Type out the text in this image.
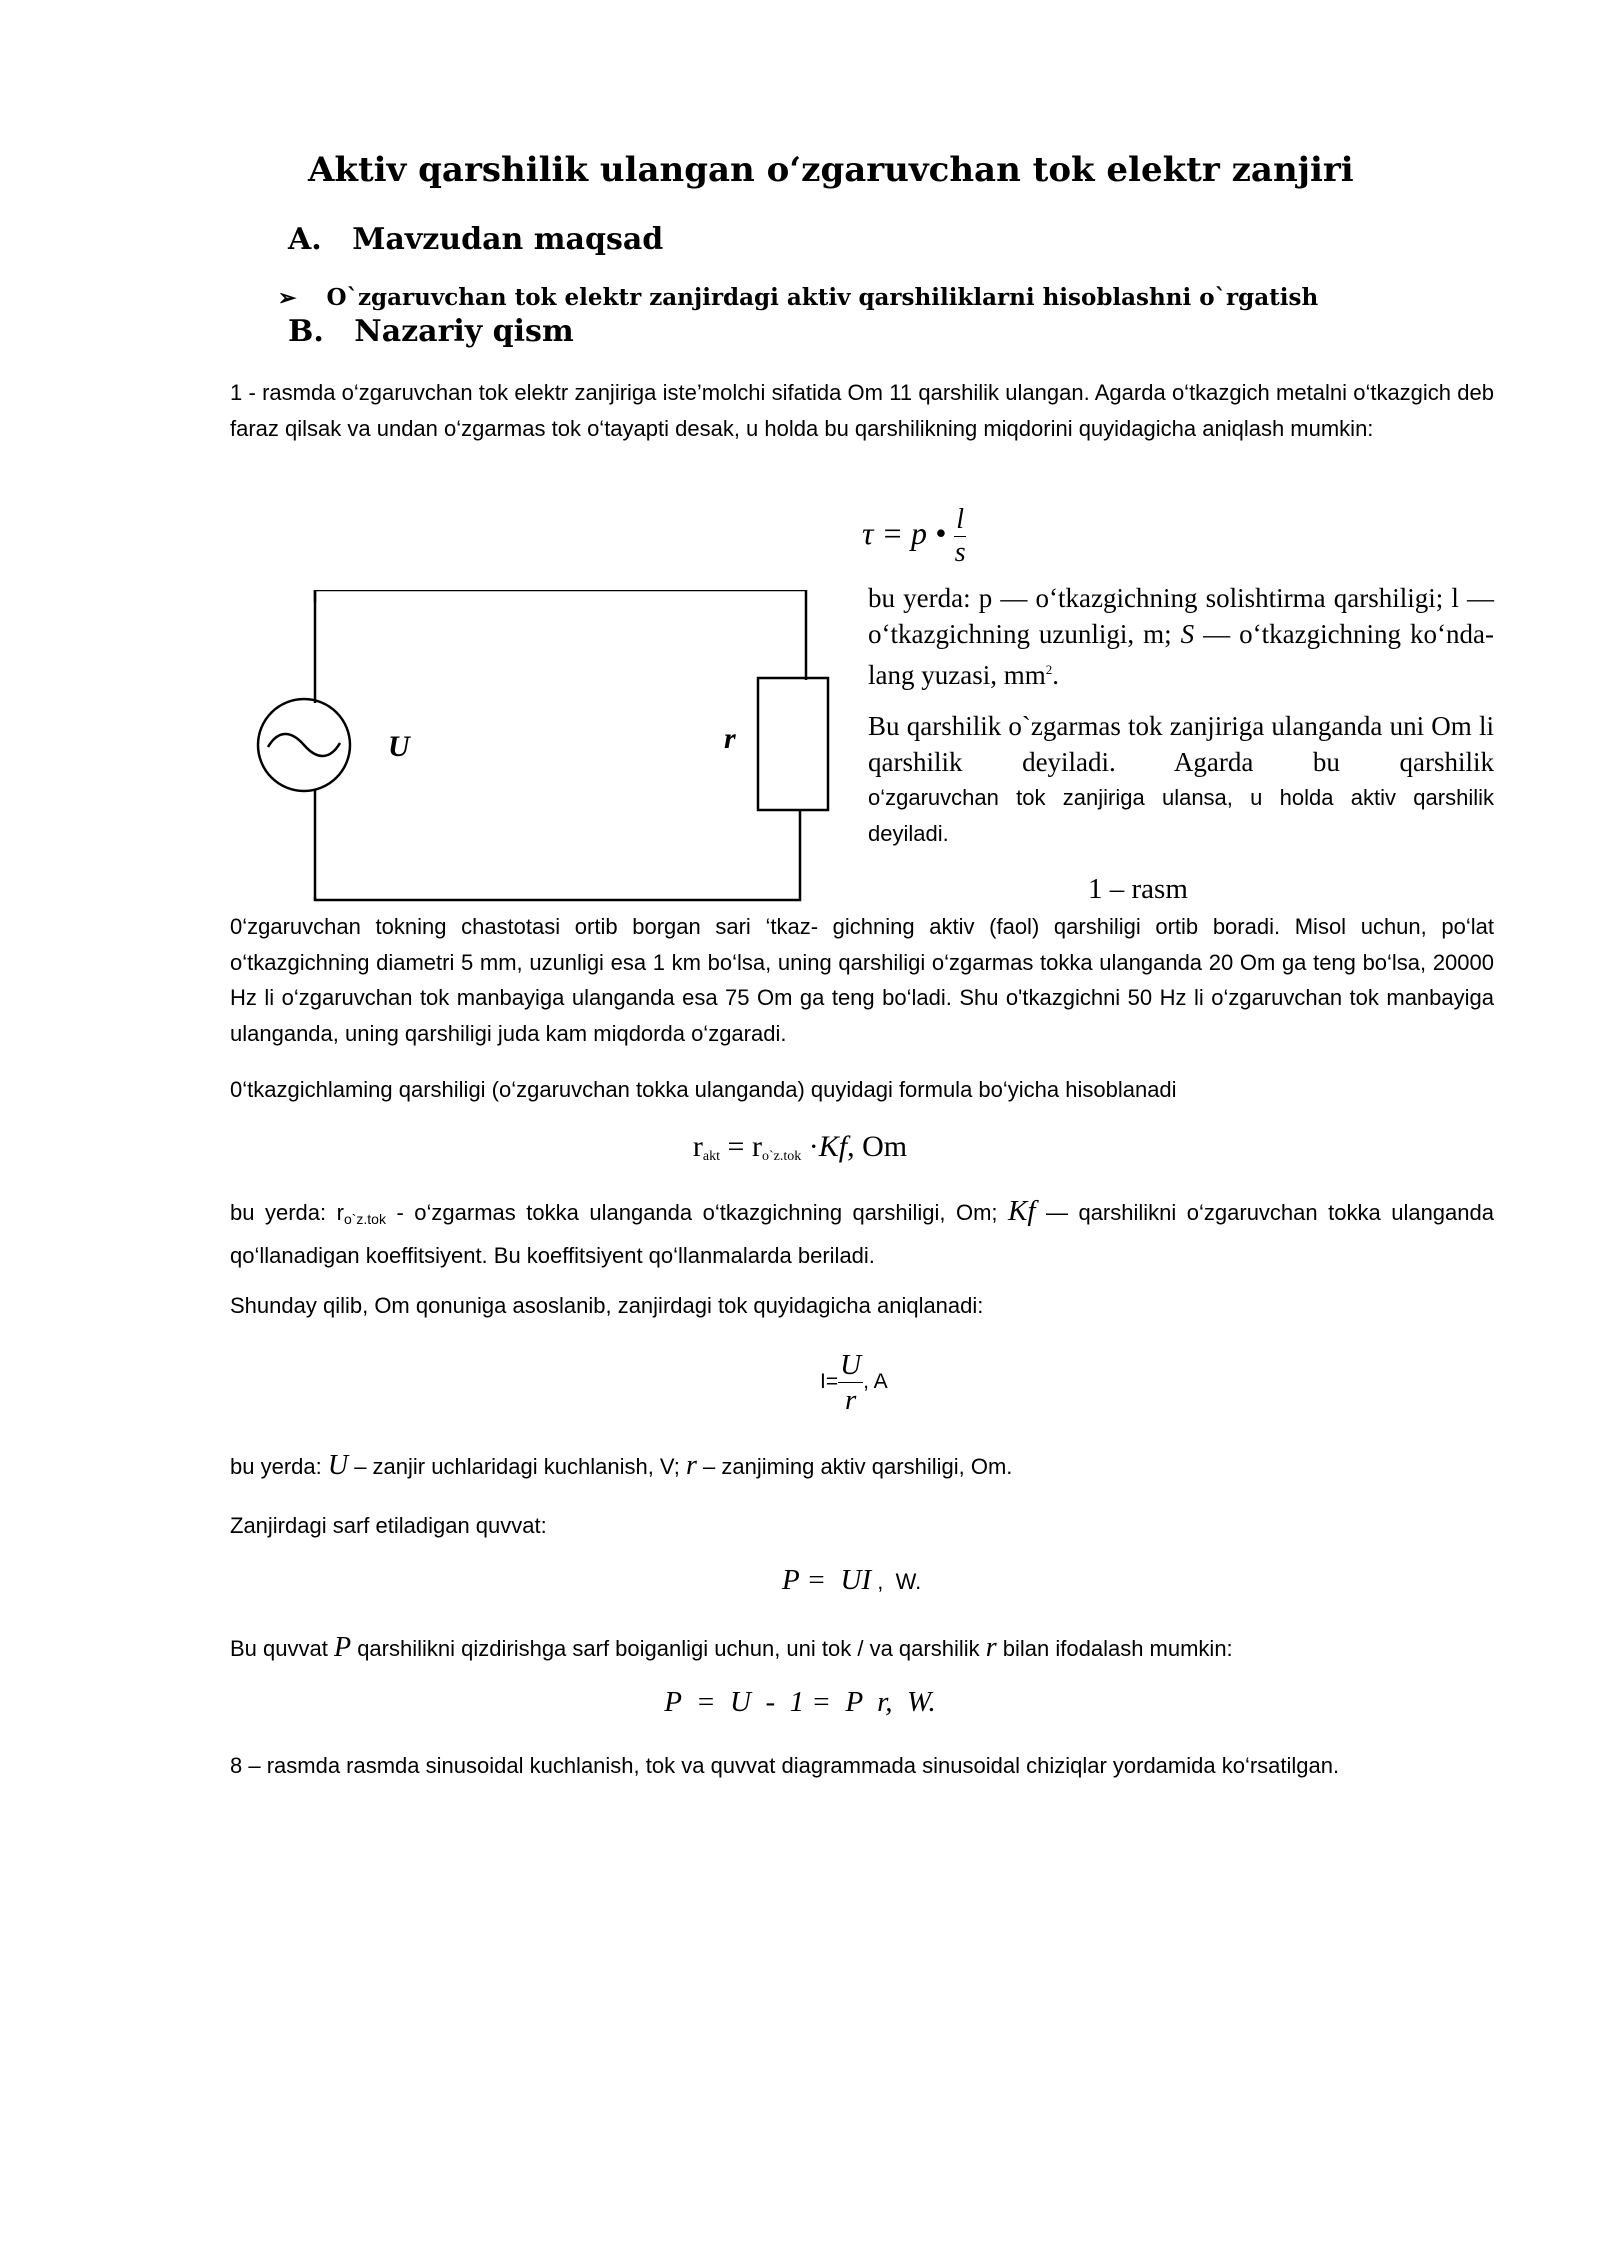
Aktiv qarshilik ulangan o‘zgaruvchan tok elektr zanjiri
A. Mavzudan maqsad
➢ O`zgaruvchan tok elektr zanjirdagi aktiv qarshiliklarni hisoblashni o`rgatish
B. Nazariy qism
1 - rasmda o‘zgaruvchan tok elektr zanjiriga iste’molchi sifatida Om 11 qarshilik ulangan. Agarda o‘tkazgich metalni o‘tkazgich deb faraz qilsak va undan o‘zgarmas tok o‘tayapti desak, u holda bu qarshilikning miqdorini quyidagicha aniqlash mumkin:
τ = p • $\frac{l}{s}$
U	r
bu yerda: p — o‘tkazgichning solishtirma qarshiligi; l — o‘tkazgichning uzunligi, m; S — o‘tkazgichning ko‘nda- lang yuzasi, $mm^2$.
Bu qarshilik o`zgarmas tok zanjiriga ulanganda uni Om li qarshilik deyiladi. Agarda bu qarshilik
o‘zgaruvchan tok zanjiriga ulansa, u holda aktiv qarshilik deyiladi.
1 – rasm
0‘zgaruvchan tokning chastotasi ortib borgan sari ‘tkaz- gichning aktiv (faol) qarshiligi ortib boradi. Misol uchun, po‘lat o‘tkazgichning diametri 5 mm, uzunligi esa 1 km bo‘lsa, uning qarshiligi o‘zgarmas tokka ulanganda 20 Om ga teng bo‘lsa, 20000 Hz li o‘zgaruvchan tok manbayiga ulanganda esa 75 Om ga teng bo‘ladi. Shu o'tkazgichni 50 Hz li o‘zgaruvchan tok manbayiga ulanganda, uning qarshiligi juda kam miqdorda o‘zgaradi.
0‘tkazgichlaming qarshiligi (o‘zgaruvchan tokka ulanganda) quyidagi formula bo‘yicha hisoblanadi
$r_{akt} = r_{o`z.tok} \cdot Kf$, Om
bu yerda: $r_{o`z.tok}$ - o‘zgarmas tokka ulanganda o‘tkazgichning qarshiligi, Om; Kf — qarshilikni o‘zgaruvchan tokka ulanganda qo‘llanadigan koeffitsiyent. Bu koeffitsiyent qo‘llanmalarda beriladi.
Shunday qilib, Om qonuniga asoslanib, zanjirdagi tok quyidagicha aniqlanadi:
$I= \frac{U}{r}$ , A
bu yerda: U – zanjir uchlaridagi kuchlanish, V; r – zanjiming aktiv qarshiligi, Om.
Zanjirdagi sarf etiladigan quvvat:
P =  UI ,  W.
Bu quvvat P qarshilikni qizdirishga sarf boiganligi uchun, uni tok / va qarshilik r bilan ifodalash mumkin:
P  =  U  -  1 =  P  r,  W.
8 – rasmda rasmda sinusoidal kuchlanish, tok va quvvat diagrammada sinusoidal chiziqlar yordamida ko‘rsatilgan.
